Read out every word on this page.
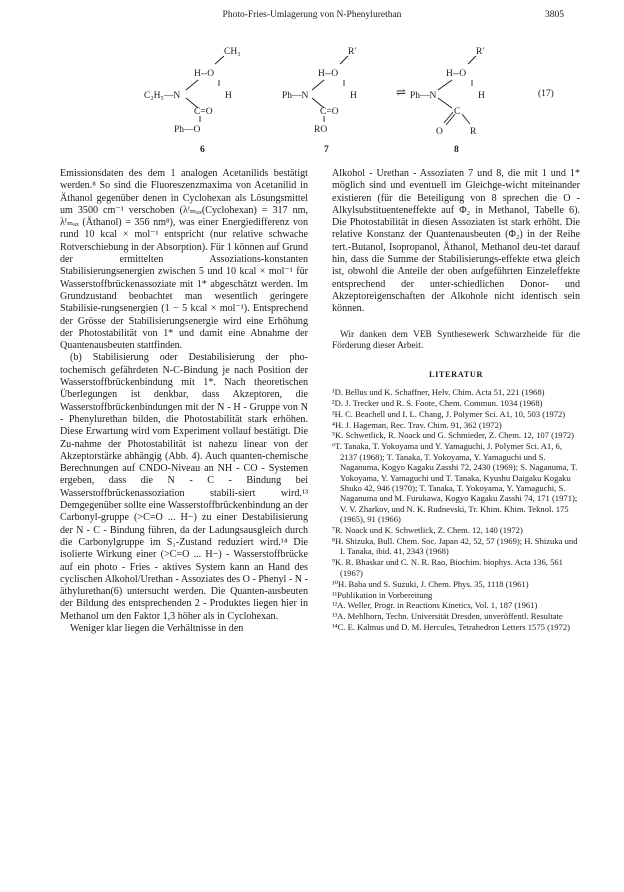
Photo-Fries-Umlagerung von N-Phenylurethan	3805
CH₃
H--O
C₂H₅—N	H
C=O
Ph—O
6
R′
H--O
Ph—N	H
C=O
RO
7
⇌
R′
H--O
Ph—N	H
C
O	R
8
(17)

Emissionsdaten des dem 1 analogen Acetanilids bestätigt werden.⁸ So sind die Fluoreszenzmaxima von Acetanilid in Äthanol gegenüber denen in Cyclohexan als Lösungsmittel um 3500 cm⁻¹ verschoben (λᶠₘₐₓ(Cyclohexan) = 317 nm, λᶠₘₐₓ (Äthanol) = 356 nm⁸), was einer Energiedifferenz von rund 10 kcal × mol⁻¹ entspricht (nur relative schwache Rotverschiebung in der Absorption). Für 1 können auf Grund der ermittelten Assoziations-konstanten Stabilisierungsenergien zwischen 5 und 10 kcal × mol⁻¹ für Wasserstoffbrückenassoziate mit 1* abgeschätzt werden. Im Grundzustand beobachtet man wesentlich geringere Stabilisie-rungsenergien (1 − 5 kcal × mol⁻¹). Entsprechend der Grösse der Stabilisierungsenergie wird eine Erhöhung der Photostabilität von 1* und damit eine Abnahme der Quantenausbeuten stattfinden.

(b) Stabilisierung oder Destabilisierung der pho-tochemisch gefährdeten N-C-Bindung je nach Position der Wasserstoffbrückenbindung mit 1*. Nach theoretischen Überlegungen ist denkbar, dass Akzeptoren, die Wasserstoffbrückenbindungen mit der N - H - Gruppe von N - Phenylurethan bilden, die Photostabilität stark erhöhen. Diese Erwartung wird vom Experiment vollauf bestätigt. Die Zu-nahme der Photostabilität ist nahezu linear von der Akzeptorstärke abhängig (Abb. 4). Auch quanten-chemische Berechnungen auf CNDO-Niveau an NH - CO - Systemen ergeben, dass die N - C - Bindung bei Wasserstoffbrückenassoziation stabili-siert wird.¹³ Demgegenüber sollte eine Wasserstoffbrückenbindung an der Carbonyl-gruppe (>C=O ... H−) zu einer Destabilisierung der N - C - Bindung führen, da der Ladungsausgleich durch die Carbonylgruppe im S₁-Zustand reduziert wird.¹⁴ Die isolierte Wirkung einer (>C=O ... H−) - Wasserstoffbrücke auf ein photo - Fries - aktives System kann an Hand des cyclischen Alkohol/Urethan - Assoziates des O - Phenyl - N - äthylurethan(6) untersucht werden. Die Quanten-ausbeuten der Bildung des entsprechenden 2 - Produktes liegen hier in Methanol um den Faktor 1,3 höher als in Cyclohexan.

Weniger klar liegen die Verhältnisse in den

Alkohol - Urethan - Assoziaten 7 und 8, die mit 1 und 1* möglich sind und eventuell im Gleichge-wicht miteinander existieren (für die Beteiligung von 8 sprechen die O - Alkylsubstituenteneffekte auf Φ₂ in Methanol, Tabelle 6). Die Photostabilität in diesen Assoziaten ist stark erhöht. Die relative Konstanz der Quantenausbeuten (Φ₂) in der Reihe tert.-Butanol, Isopropanol, Äthanol, Methanol deu-tet darauf hin, dass die Summe der Stabilisierungs-effekte etwa gleich ist, obwohl die Anteile der oben aufgeführten Einzeleffekte entsprechend der unter-schiedlichen Donor- und Akzeptoreigenschaften der Alkohole nicht identisch sein können.

Wir danken dem VEB Synthesewerk Schwarzheide für die Förderung dieser Arbeit.

LITERATUR
¹D. Bellus und K. Schaffner, Helv. Chim. Acta 51, 221 (1968)
²D. J. Trecker und R. S. Foote, Chem. Commun. 1034 (1968)
³H. C. Beachell und I. L. Chang, J. Polymer Sci. A1, 10, 503 (1972)
⁴H. J. Hageman, Rec. Trav. Chim. 91, 362 (1972)
⁵K. Schwetlick, R. Noack und G. Schmieder, Z. Chem. 12, 107 (1972)
⁶T. Tanaka, T. Yokoyama und Y. Yamaguchi, J. Polymer Sci. A1, 6, 2137 (1968); T. Tanaka, T. Yokoyama, Y. Yamaguchi und S. Naganuma, Kogyo Kagaku Zasshi 72, 2430 (1969); S. Naganuma, T. Yokoyama, Y. Yamaguchi und T. Tanaka, Kyushu Daigaku Kogaku Shuko 42, 946 (1970); T. Tanaka, T. Yokoyama, Y. Yamaguchi, S. Naganuma und M. Furukawa, Kogyo Kagaku Zasshi 74, 171 (1971); V. V. Zharkov, und N. K. Rudnevski, Tr. Khim. Khim. Teknol. 175 (1965), 91 (1966)
⁷R. Noack und K. Schwetlick, Z. Chem. 12, 140 (1972)
⁸H. Shizuka, Bull. Chem. Soc. Japan 42, 52, 57 (1969); H. Shizuka und I. Tanaka, ibid. 41, 2343 (1968)
⁹K. R. Bhaskar und C. N. R. Rao, Biochim. biophys. Acta 136, 561 (1967)
¹⁰H. Baba und S. Suzuki, J. Chem. Phys. 35, 1118 (1961)
¹¹Publikation in Vorbereitung
¹²A. Weller, Progr. in Reactions Kinetics, Vol. 1, 187 (1961)
¹³A. Mehlhorn, Techn. Universität Dresden, unveröffentl. Resultate
¹⁴C. E. Kalmus und D. M. Hercules, Tetrahedron Letters 1575 (1972)
